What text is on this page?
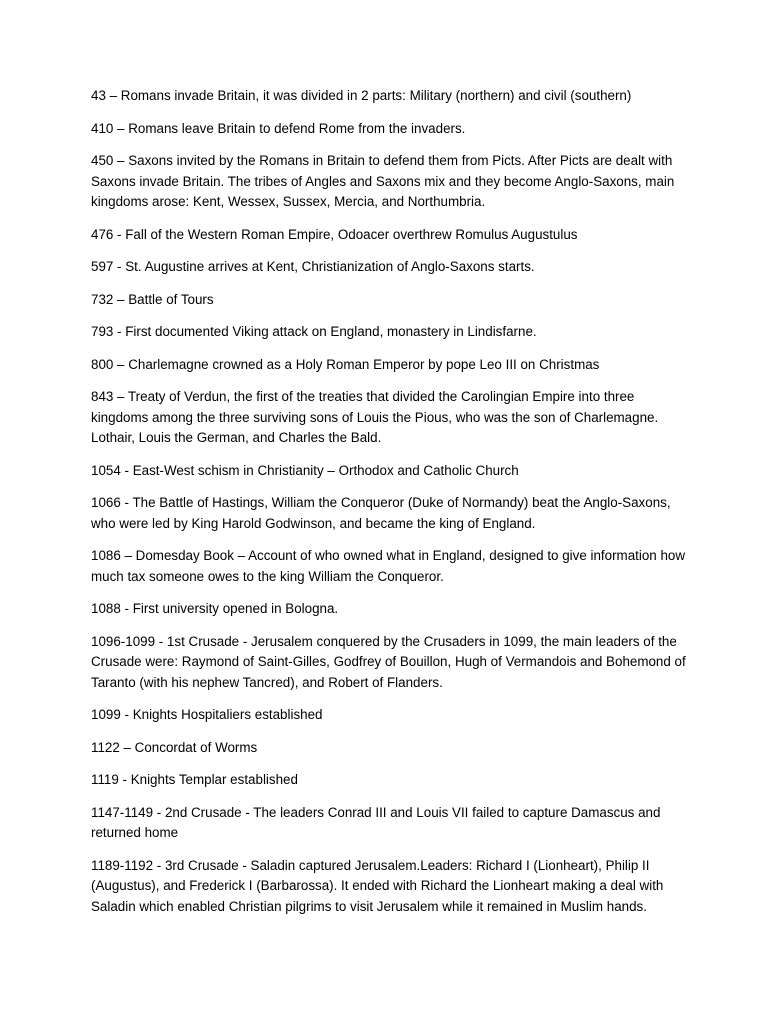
43 – Romans invade Britain, it was divided in 2 parts: Military (northern) and civil (southern)

410 – Romans leave Britain to defend Rome from the invaders.

450 – Saxons invited by the Romans in Britain to defend them from Picts. After Picts are dealt with Saxons invade Britain. The tribes of Angles and Saxons mix and they become Anglo-Saxons, main kingdoms arose: Kent, Wessex, Sussex, Mercia, and Northumbria.

476 - Fall of the Western Roman Empire, Odoacer overthrew Romulus Augustulus

597 - St. Augustine arrives at Kent, Christianization of Anglo-Saxons starts.

732 – Battle of Tours

793 - First documented Viking attack on England, monastery in Lindisfarne.

800 – Charlemagne crowned as a Holy Roman Emperor by pope Leo III on Christmas

843 – Treaty of Verdun, the first of the treaties that divided the Carolingian Empire into three kingdoms among the three surviving sons of Louis the Pious, who was the son of Charlemagne. Lothair, Louis the German, and Charles the Bald.

1054 - East-West schism in Christianity – Orthodox and Catholic Church

1066 - The Battle of Hastings, William the Conqueror (Duke of Normandy) beat the Anglo-Saxons, who were led by King Harold Godwinson, and became the king of England.

1086 – Domesday Book – Account of who owned what in England, designed to give information how much tax someone owes to the king William the Conqueror.

1088 - First university opened in Bologna.

1096-1099 - 1st Crusade - Jerusalem conquered by the Crusaders in 1099, the main leaders of the Crusade were: Raymond of Saint-Gilles, Godfrey of Bouillon, Hugh of Vermandois and Bohemond of Taranto (with his nephew Tancred), and Robert of Flanders.

1099 - Knights Hospitaliers established

1122 – Concordat of Worms

1119 - Knights Templar established

1147-1149 - 2nd Crusade - The leaders Conrad III and Louis VII failed to capture Damascus and returned home

1189-1192 - 3rd Crusade - Saladin captured Jerusalem.Leaders: Richard I (Lionheart), Philip II (Augustus), and Frederick I (Barbarossa). It ended with Richard the Lionheart making a deal with Saladin which enabled Christian pilgrims to visit Jerusalem while it remained in Muslim hands.
